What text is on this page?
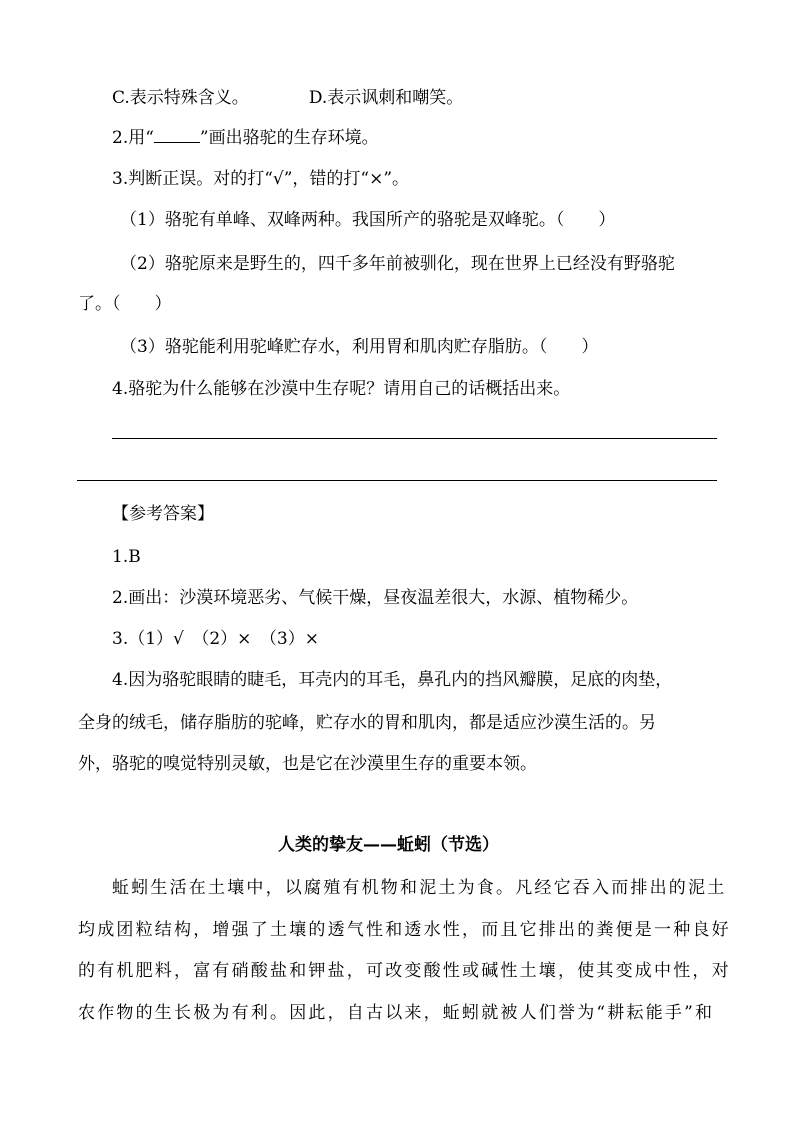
C.表示特殊含义。	D.表示讽刺和嘲笑。
2.用“	”画出骆驼的生存环境。
3.判断正误。对的打“√”，错的打“×”。
（1）骆驼有单峰、双峰两种。我国所产的骆驼是双峰驼。（　　）
（2）骆驼原来是野生的，四千多年前被驯化，现在世界上已经没有野骆驼
了。（　　）
（3）骆驼能利用驼峰贮存水，利用胃和肌肉贮存脂肪。（　　）
4.骆驼为什么能够在沙漠中生存呢？请用自己的话概括出来。
【参考答案】
1.B
2.画出：沙漠环境恶劣、气候干燥，昼夜温差很大，水源、植物稀少。
3.（1）√　（2）×　（3）×
4.因为骆驼眼睛的睫毛，耳壳内的耳毛，鼻孔内的挡风瓣膜，足底的肉垫，
全身的绒毛，储存脂肪的驼峰，贮存水的胃和肌肉，都是适应沙漠生活的。另
外，骆驼的嗅觉特别灵敏，也是它在沙漠里生存的重要本领。
人类的挚友——蚯蚓（节选）
蚯蚓生活在土壤中，以腐殖有机物和泥土为食。凡经它吞入而排出的泥土
均成团粒结构，增强了土壤的透气性和透水性，而且它排出的粪便是一种良好
的有机肥料，富有硝酸盐和钾盐，可改变酸性或碱性土壤，使其变成中性，对
农作物的生长极为有利。因此，自古以来，蚯蚓就被人们誉为“耕耘能手”和
